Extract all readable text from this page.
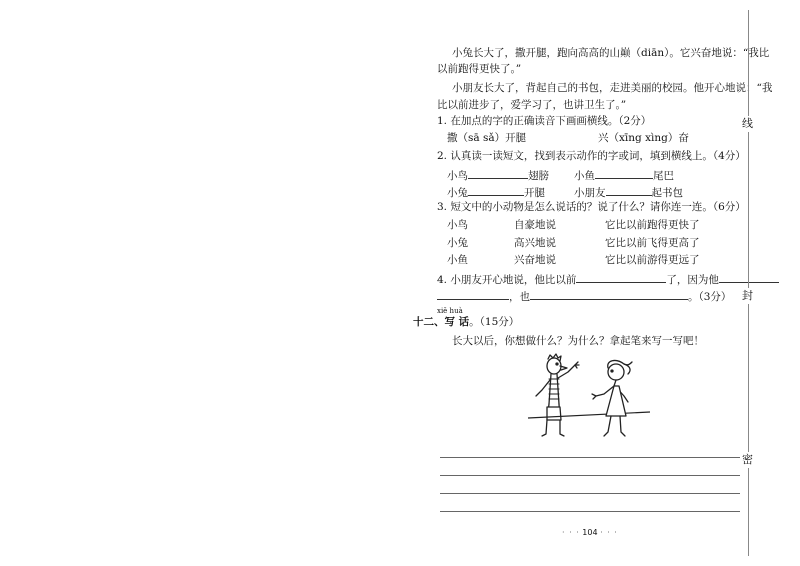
小兔长大了，撒开腿，跑向高高的山巅（diān）。它兴奋地说：“我比
以前跑得更快了。”
小朋友长大了，背起自己的书包，走进美丽的校园。他开心地说：“我
比以前进步了，爱学习了，也讲卫生了。”
1. 在加点的字的正确读音下画画横线。（2分）
撒（sā sǎ）开腿	兴（xīng xìng）奋
2. 认真读一读短文，找到表示动作的字或词，填到横线上。（4分）
小鸟	翅膀 小鱼	尾巴
小兔	开腿	小朋友	起书包
3. 短文中的小动物是怎么说话的？说了什么？请你连一连。（6分）
小鸟	自豪地说	它比以前跑得更快了
小兔	高兴地说	它比以前飞得更高了
小鱼	兴奋地说	它比以前游得更远了
4. 小朋友开心地说，他比以前	了，因为他
，也	。（3分）
xiě huà
十二、写 话。（15分）
长大以后，你想做什么？为什么？拿起笔来写一写吧！
· · · 104 · · ·
线
封
密
